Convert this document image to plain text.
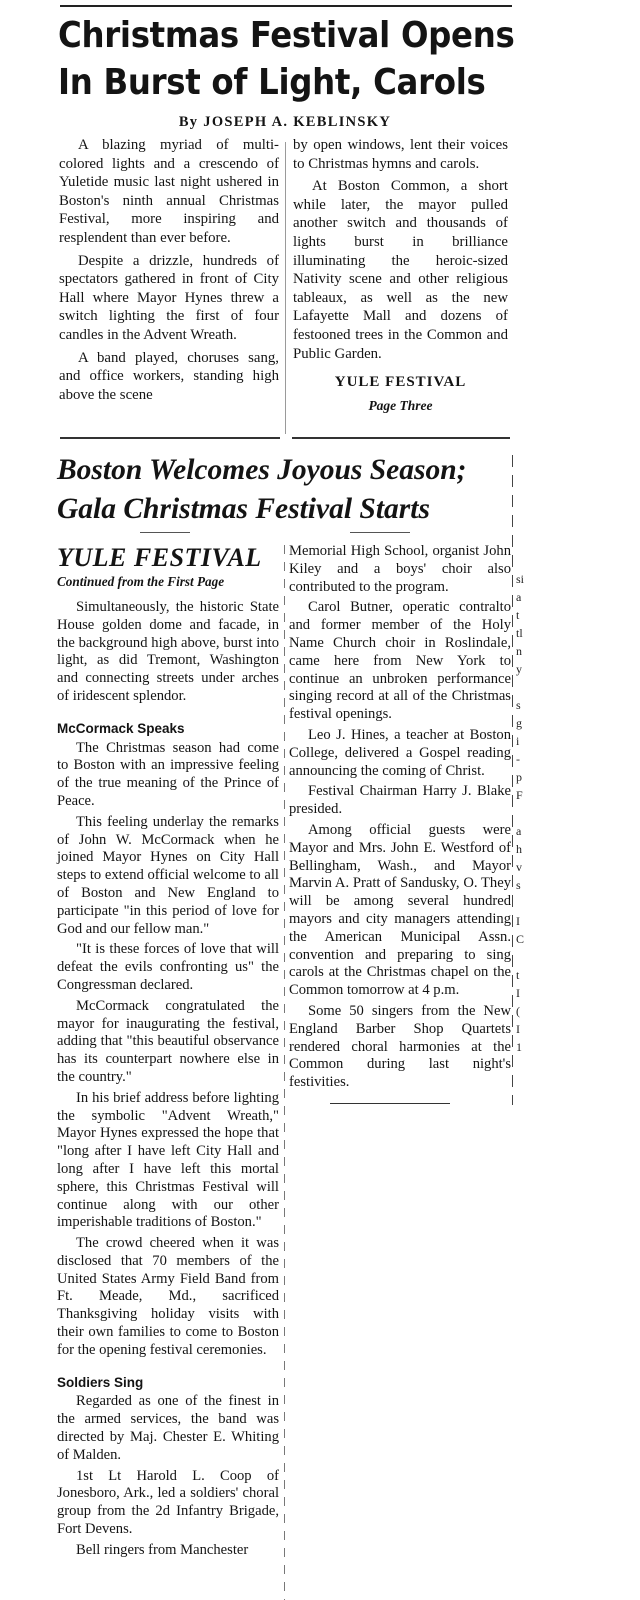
Christmas Festival Opens
In Burst of Light, Carols
By JOSEPH A. KEBLINSKY

A blazing myriad of multi-colored lights and a crescendo of Yuletide music last night ushered in Boston's ninth annual Christmas Festival, more inspiring and resplendent than ever before.

Despite a drizzle, hundreds of spectators gathered in front of City Hall where Mayor Hynes threw a switch lighting the first of four candles in the Advent Wreath.

A band played, choruses sang, and office workers, standing high above the scene

by open windows, lent their voices to Christmas hymns and carols.

At Boston Common, a short while later, the mayor pulled another switch and thousands of lights burst in brilliance illuminating the heroic-sized Nativity scene and other religious tableaux, as well as the new Lafayette Mall and dozens of festooned trees in the Common and Public Garden.

YULE FESTIVAL
Page Three
Boston Welcomes Joyous Season;
Gala Christmas Festival Starts
YULE FESTIVAL
Continued from the First Page

Simultaneously, the historic State House golden dome and facade, in the background high above, burst into light, as did Tremont, Washington and connecting streets under arches of iridescent splendor.

McCormack Speaks

The Christmas season had come to Boston with an impressive feeling of the true meaning of the Prince of Peace.

This feeling underlay the remarks of John W. McCormack when he joined Mayor Hynes on City Hall steps to extend official welcome to all of Boston and New England to participate "in this period of love for God and our fellow man."

"It is these forces of love that will defeat the evils confronting us" the Congressman declared.

McCormack congratulated the mayor for inaugurating the festival, adding that "this beautiful observance has its counterpart nowhere else in the country."

In his brief address before lighting the symbolic "Advent Wreath," Mayor Hynes expressed the hope that "long after I have left City Hall and long after I have left this mortal sphere, this Christmas Festival will continue along with our other imperishable traditions of Boston."

The crowd cheered when it was disclosed that 70 members of the United States Army Field Band from Ft. Meade, Md., sacrificed Thanksgiving holiday visits with their own families to come to Boston for the opening festival ceremonies.

Soldiers Sing

Regarded as one of the finest in the armed services, the band was directed by Maj. Chester E. Whiting of Malden.

1st Lt Harold L. Coop of Jonesboro, Ark., led a soldiers' choral group from the 2d Infantry Brigade, Fort Devens.

Bell ringers from Manchester

Memorial High School, organist John Kiley and a boys' choir also contributed to the program.

Carol Butner, operatic contralto and former member of the Holy Name Church choir in Roslindale, came here from New York to continue an unbroken performance singing record at all of the Christmas festival openings.

Leo J. Hines, a teacher at Boston College, delivered a Gospel reading announcing the coming of Christ.

Festival Chairman Harry J. Blake presided.

Among official guests were Mayor and Mrs. John E. Westford of Bellingham, Wash., and Mayor Marvin A. Pratt of Sandusky, O. They will be among several hundred mayors and city managers attending the American Municipal Assn. convention and preparing to sing carols at the Christmas chapel on the Common tomorrow at 4 p.m.

Some 50 singers from the New England Barber Shop Quartets rendered choral harmonies at the Common during last night's festivities.

si
a
t
tl
n
y

s
g
i
-
p
F

a
h
v
s

I
C

t
I
(
I
1
